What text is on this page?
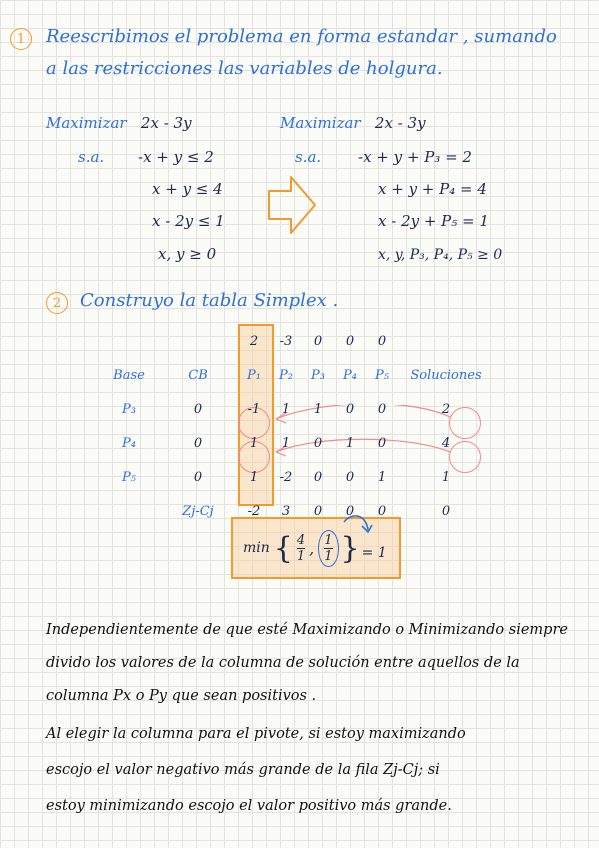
1 Reescribimos el problema en forma estandar , sumando
a las restricciones las variables de holgura.
Maximizar 2x - 3y
s.a. -x + y ≤ 2
x + y ≤ 4
x - 2y ≤ 1
x, y ≥ 0
Maximizar 2x - 3y
s.a. -x + y + P₃ = 2
x + y + P₄ = 4
x - 2y + P₅ = 1
x, y, P₃, P₄, P₅ ≥ 0
2 Construyo la tabla Simplex .
		2	-3	0	0	0	
Base	CB	P₁	P₂	P₃	P₄	P₅	Soluciones
P₃	0	-1	1	1	0	0	2
P₄	0	1	1	0	1	0	4
P₅	0	1	-2	0	0	1	1
	Zj-Cj	-2	3	0	0	0	0
min { $\frac{4}{1}$ , $\frac{1}{1}$ } = 1
Independientemente de que esté Maximizando o Minimizando siempre
divido los valores de la columna de solución entre aquellos de la
columna Px o Py que sean positivos .
Al elegir la columna para el pivote, si estoy maximizando
escojo el valor negativo más grande de la fila Zj-Cj; si
estoy minimizando escojo el valor positivo más grande.
